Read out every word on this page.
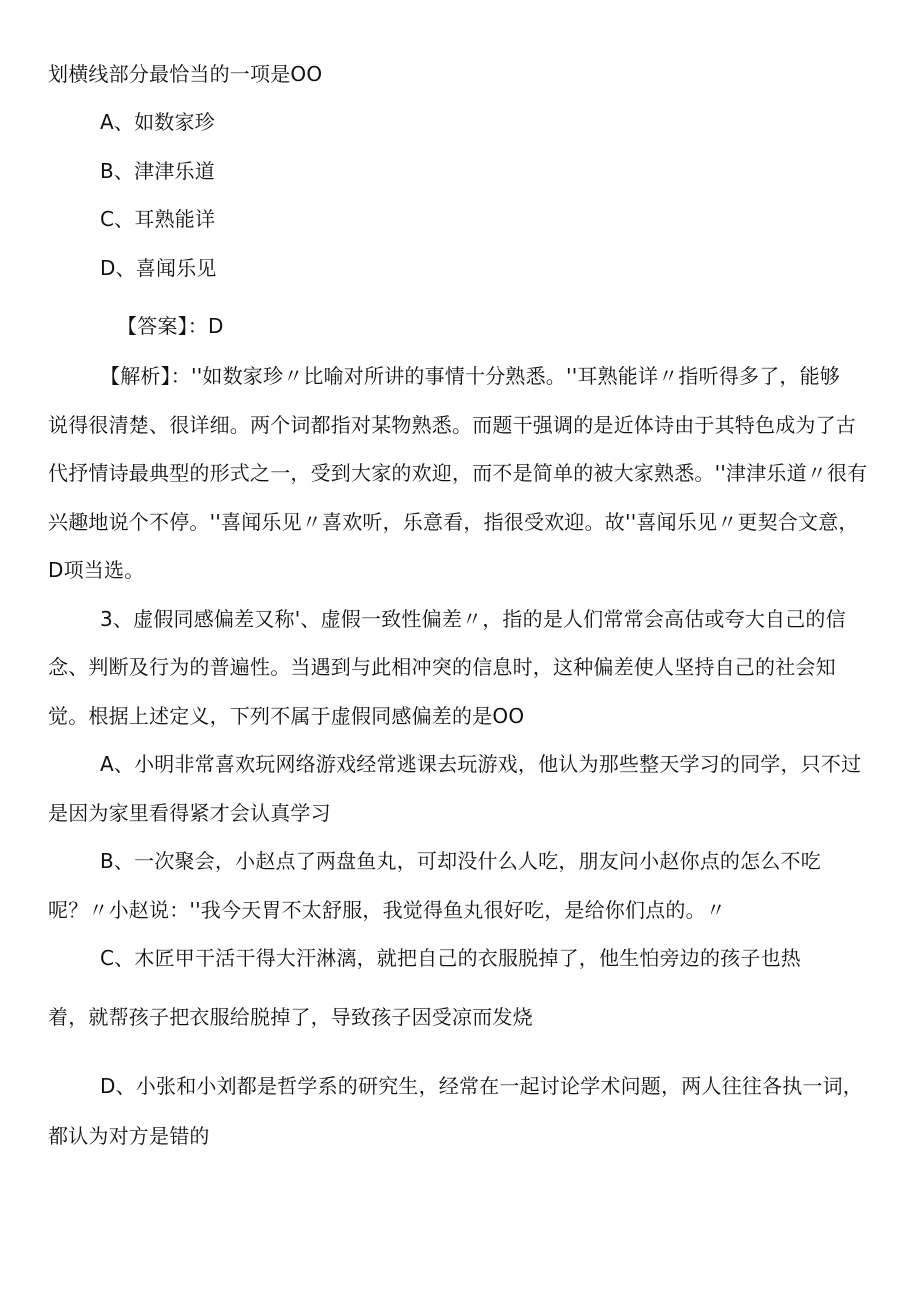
划横线部分最恰当的一项是OO
A、如数家珍
B、津津乐道
C、耳熟能详
D、喜闻乐见
【答案】：D
【解析】：''如数家珍〃比喻对所讲的事情十分熟悉。''耳熟能详〃指听得多了，能够
说得很清楚、很详细。两个词都指对某物熟悉。而题干强调的是近体诗由于其特色成为了古
代抒情诗最典型的形式之一，受到大家的欢迎，而不是简单的被大家熟悉。''津津乐道〃很有
兴趣地说个不停。''喜闻乐见〃喜欢听，乐意看，指很受欢迎。故''喜闻乐见〃更契合文意，
D项当选。
3、虚假同感偏差又称'、虚假一致性偏差〃，指的是人们常常会高估或夸大自己的信
念、判断及行为的普遍性。当遇到与此相冲突的信息时，这种偏差使人坚持自己的社会知
觉。根据上述定义，下列不属于虚假同感偏差的是OO
A、小明非常喜欢玩网络游戏经常逃课去玩游戏，他认为那些整天学习的同学，只不过
是因为家里看得紧才会认真学习
B、一次聚会，小赵点了两盘鱼丸，可却没什么人吃，朋友问小赵你点的怎么不吃
呢？〃小赵说：''我今天胃不太舒服，我觉得鱼丸很好吃，是给你们点的。〃
C、木匠甲干活干得大汗淋漓，就把自己的衣服脱掉了，他生怕旁边的孩子也热
着，就帮孩子把衣服给脱掉了，导致孩子因受凉而发烧
D、小张和小刘都是哲学系的研究生，经常在一起讨论学术问题，两人往往各执一词，
都认为对方是错的
